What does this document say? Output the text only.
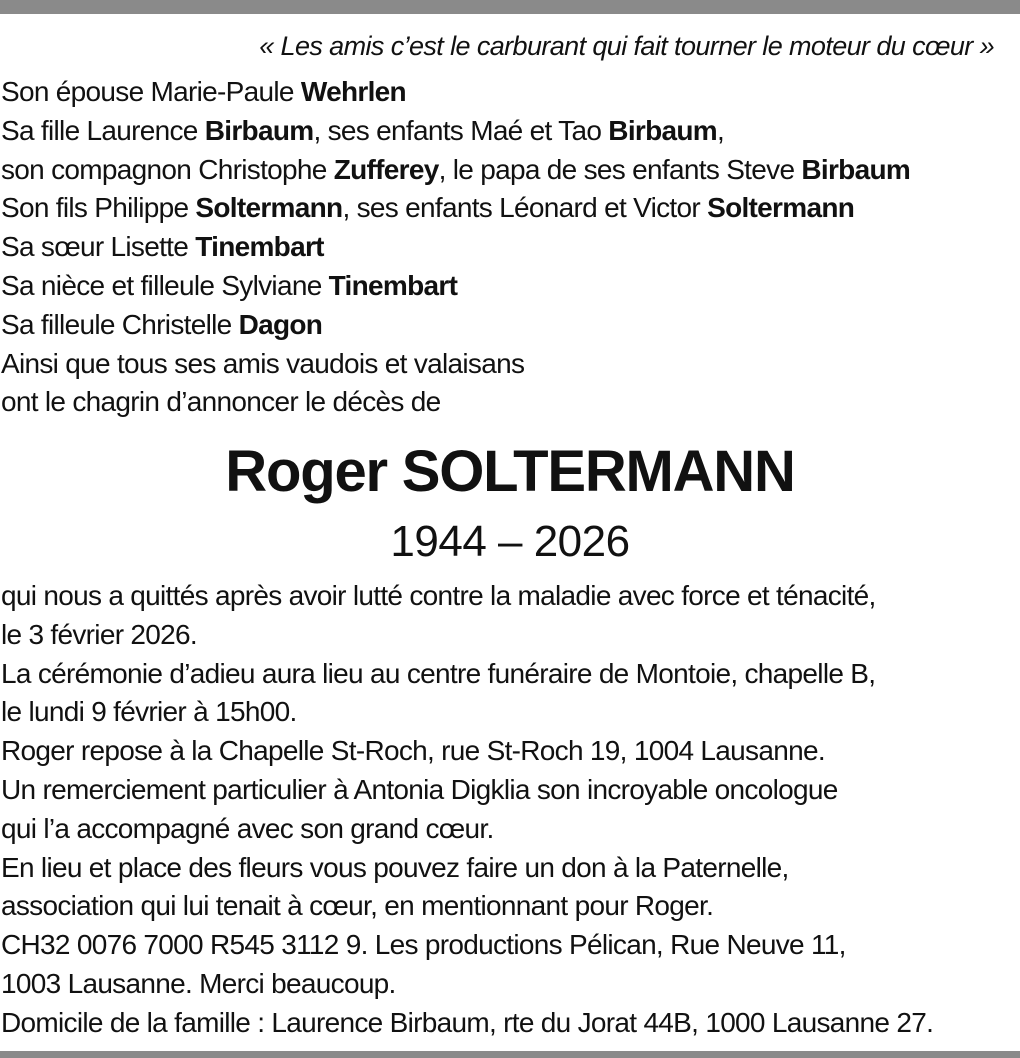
« Les amis c’est le carburant qui fait tourner le moteur du cœur »
Son épouse Marie-Paule Wehrlen
Sa fille Laurence Birbaum, ses enfants Maé et Tao Birbaum,
son compagnon Christophe Zufferey, le papa de ses enfants Steve Birbaum
Son fils Philippe Soltermann, ses enfants Léonard et Victor Soltermann
Sa sœur Lisette Tinembart
Sa nièce et filleule Sylviane Tinembart
Sa filleule Christelle Dagon
Ainsi que tous ses amis vaudois et valaisans
ont le chagrin d’annoncer le décès de
Roger SOLTERMANN
1944 – 2026
qui nous a quittés après avoir lutté contre la maladie avec force et ténacité,
le 3 février 2026.
La cérémonie d’adieu aura lieu au centre funéraire de Montoie, chapelle B,
le lundi 9 février à 15h00.
Roger repose à la Chapelle St-Roch, rue St-Roch 19, 1004 Lausanne.
Un remerciement particulier à Antonia Digklia son incroyable oncologue
qui l’a accompagné avec son grand cœur.
En lieu et place des fleurs vous pouvez faire un don à la Paternelle,
association qui lui tenait à cœur, en mentionnant pour Roger.
CH32 0076 7000 R545 3112 9. Les productions Pélican, Rue Neuve 11,
1003 Lausanne. Merci beaucoup.
Domicile de la famille : Laurence Birbaum, rte du Jorat 44B, 1000 Lausanne 27.
